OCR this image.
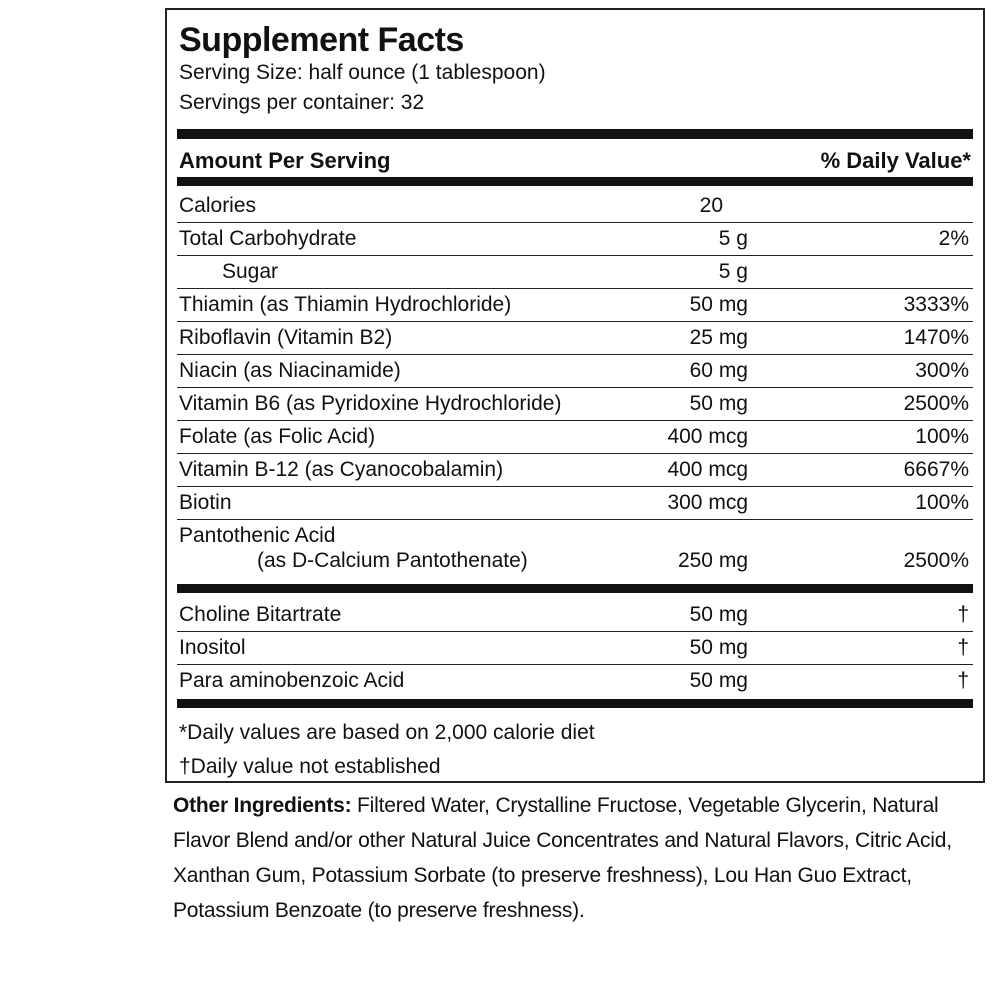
Supplement Facts
Serving Size: half ounce (1 tablespoon)
Servings per container: 32
Amount Per Serving	% Daily Value*
Calories	20
Total Carbohydrate	5 g	2%
Sugar	5 g
Thiamin (as Thiamin Hydrochloride)	50 mg	3333%
Riboflavin (Vitamin B2)	25 mg	1470%
Niacin (as Niacinamide)	60 mg	300%
Vitamin B6 (as Pyridoxine Hydrochloride)	50 mg	2500%
Folate (as Folic Acid)	400 mcg	100%
Vitamin B-12 (as Cyanocobalamin)	400 mcg	6667%
Biotin	300 mcg	100%
Pantothenic Acid
(as D-Calcium Pantothenate)	250 mg	2500%
Choline Bitartrate	50 mg	†
Inositol	50 mg	†
Para aminobenzoic Acid	50 mg	†
*Daily values are based on 2,000 calorie diet
†Daily value not established
Other Ingredients: Filtered Water, Crystalline Fructose, Vegetable Glycerin, Natural Flavor Blend and/or other Natural Juice Concentrates and Natural Flavors, Citric Acid, Xanthan Gum, Potassium Sorbate (to preserve freshness), Lou Han Guo Extract, Potassium Benzoate (to preserve freshness).
